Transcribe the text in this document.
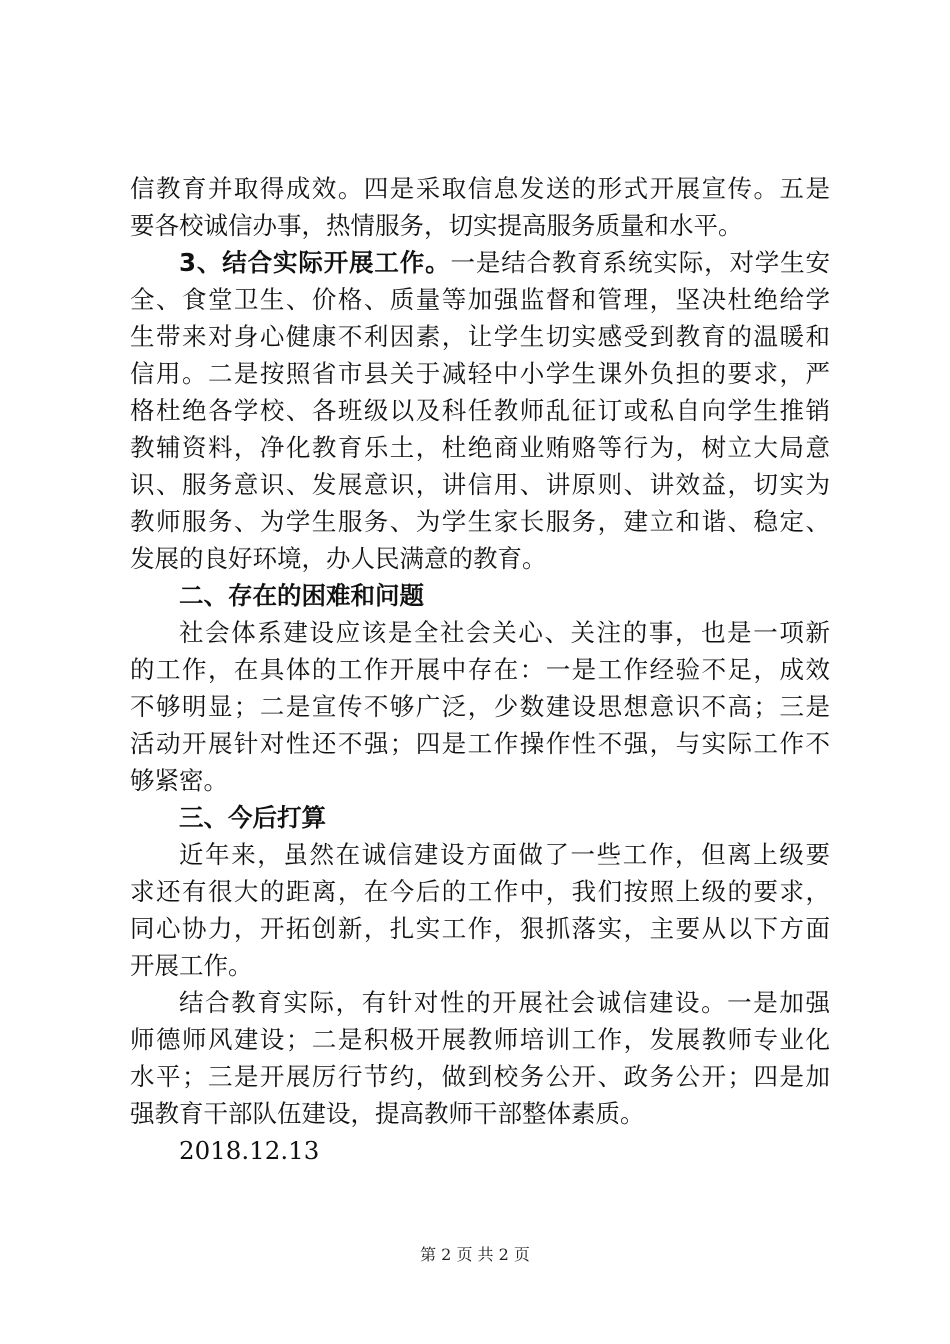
信教育并取得成效。四是采取信息发送的形式开展宣传。五是
要各校诚信办事，热情服务，切实提高服务质量和水平。
3、结合实际开展工作。一是结合教育系统实际，对学生安
全、食堂卫生、价格、质量等加强监督和管理，坚决杜绝给学
生带来对身心健康不利因素，让学生切实感受到教育的温暖和
信用。二是按照省市县关于减轻中小学生课外负担的要求，严
格杜绝各学校、各班级以及科任教师乱征订或私自向学生推销
教辅资料，净化教育乐土，杜绝商业贿赂等行为，树立大局意
识、服务意识、发展意识，讲信用、讲原则、讲效益，切实为
教师服务、为学生服务、为学生家长服务，建立和谐、稳定、
发展的良好环境，办人民满意的教育。
二、存在的困难和问题
社会体系建设应该是全社会关心、关注的事，也是一项新
的工作，在具体的工作开展中存在：一是工作经验不足，成效
不够明显；二是宣传不够广泛，少数建设思想意识不高；三是
活动开展针对性还不强；四是工作操作性不强，与实际工作不
够紧密。
三、今后打算
近年来，虽然在诚信建设方面做了一些工作，但离上级要
求还有很大的距离，在今后的工作中，我们按照上级的要求，
同心协力，开拓创新，扎实工作，狠抓落实，主要从以下方面
开展工作。
结合教育实际，有针对性的开展社会诚信建设。一是加强
师德师风建设；二是积极开展教师培训工作，发展教师专业化
水平；三是开展厉行节约，做到校务公开、政务公开；四是加
强教育干部队伍建设，提高教师干部整体素质。
2018.12.13
第 2 页 共 2 页
